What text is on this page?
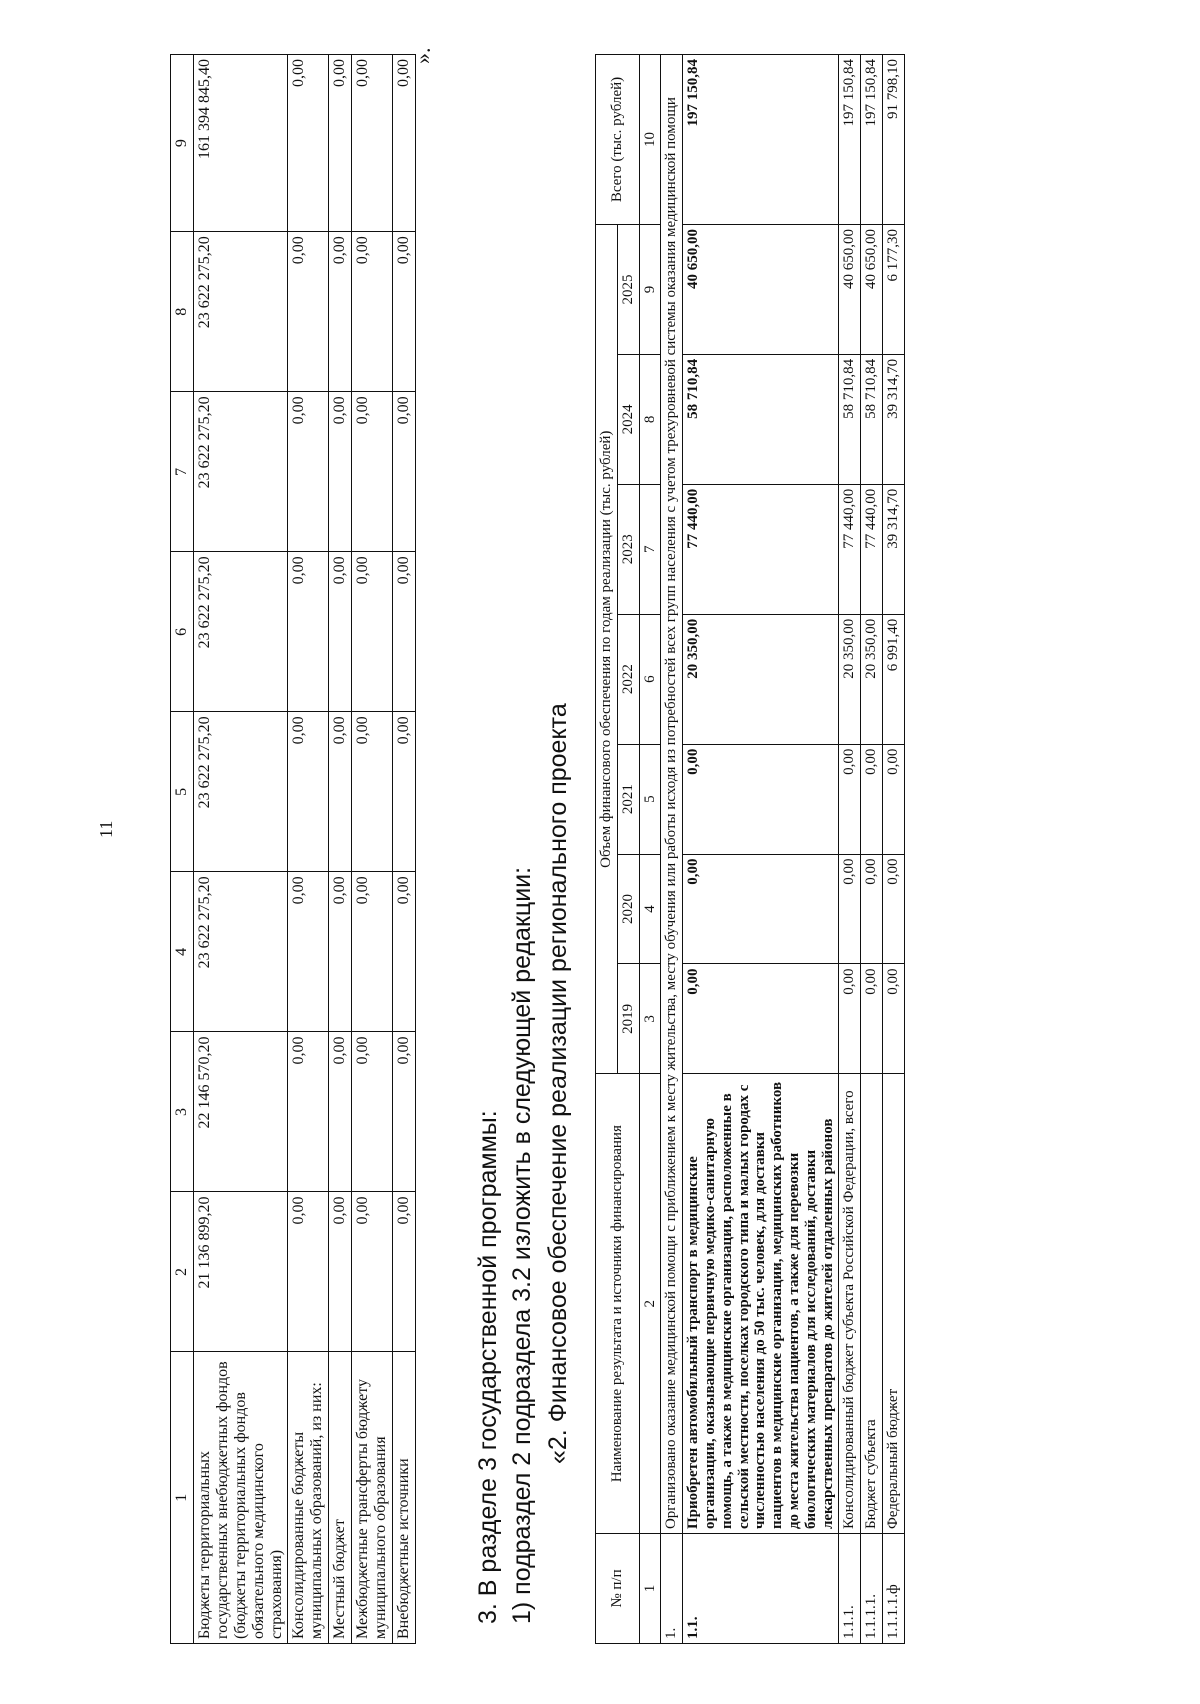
11
1	2	3	4	5	6	7	8	9
Бюджеты территориальных государственных внебюджетных фондов (бюджеты территориальных фондов обязательного медицинского страхования)	21 136 899,20	22 146 570,20	23 622 275,20	23 622 275,20	23 622 275,20	23 622 275,20	23 622 275,20	161 394 845,40
Консолидированные бюджеты муниципальных образований, из них:	0,00	0,00	0,00	0,00	0,00	0,00	0,00	0,00
Местный бюджет	0,00	0,00	0,00	0,00	0,00	0,00	0,00	0,00
Межбюджетные трансферты бюджету муниципального образования	0,00	0,00	0,00	0,00	0,00	0,00	0,00	0,00
Внебюджетные источники	0,00	0,00	0,00	0,00	0,00	0,00	0,00	0,00
».
3. В разделе 3 государственной программы: 1) подраздел 2 подраздела 3.2 изложить в следующей редакции: «2. Финансовое обеспечение реализации регионального проекта
№ п/п	Наименование результата и источники финансирования	Объем финансового обеспечения по годам реализации (тыс. рублей)							Всего (тыс. рублей)
		2019	2020	2021	2022	2023	2024	2025	
1	2	3	4	5	6	7	8	9	10
1.	Организовано оказание медицинской помощи с приближением к месту жительства, месту обучения или работы исходя из потребностей всех групп населения с учетом трехуровневой системы оказания медицинской помощи								
1.1.	Приобретен автомобильный транспорт в медицинские организации, оказывающие первичную медико-санитарную помощь, а также в медицинские организации, расположенные в сельской местности, поселках городского типа и малых городах с численностью населения до 50 тыс. человек, для доставки пациентов в медицинские организации, медицинских работников до места жительства пациентов, а также для перевозки биологических материалов для исследований, доставки лекарственных препаратов до жителей отдаленных районов	0,00	0,00	0,00	20 350,00	77 440,00	58 710,84	40 650,00	197 150,84
1.1.1.	Консолидированный бюджет субъекта Российской Федерации, всего	0,00	0,00	0,00	20 350,00	77 440,00	58 710,84	40 650,00	197 150,84
1.1.1.1.	Бюджет субъекта	0,00	0,00	0,00	20 350,00	77 440,00	58 710,84	40 650,00	197 150,84
1.1.1.1.ф	Федеральный бюджет	0,00	0,00	0,00	6 991,40	39 314,70	39 314,70	6 177,30	91 798,10
